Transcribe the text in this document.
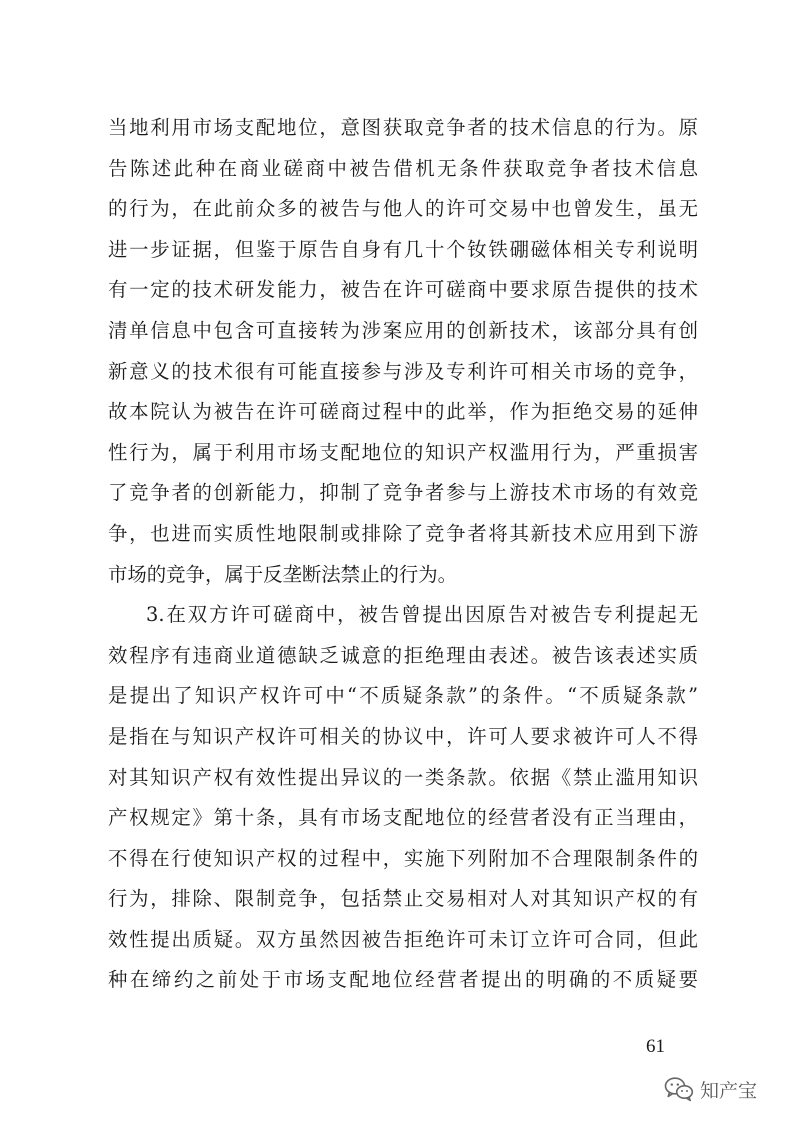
当地利用市场支配地位，意图获取竞争者的技术信息的行为。原
告陈述此种在商业磋商中被告借机无条件获取竞争者技术信息
的行为，在此前众多的被告与他人的许可交易中也曾发生，虽无
进一步证据，但鉴于原告自身有几十个钕铁硼磁体相关专利说明
有一定的技术研发能力，被告在许可磋商中要求原告提供的技术
清单信息中包含可直接转为涉案应用的创新技术，该部分具有创
新意义的技术很有可能直接参与涉及专利许可相关市场的竞争，
故本院认为被告在许可磋商过程中的此举，作为拒绝交易的延伸
性行为，属于利用市场支配地位的知识产权滥用行为，严重损害
了竞争者的创新能力，抑制了竞争者参与上游技术市场的有效竞
争，也进而实质性地限制或排除了竞争者将其新技术应用到下游
市场的竞争，属于反垄断法禁止的行为。
3.在双方许可磋商中，被告曾提出因原告对被告专利提起无
效程序有违商业道德缺乏诚意的拒绝理由表述。被告该表述实质
是提出了知识产权许可中“不质疑条款”的条件。“不质疑条款”
是指在与知识产权许可相关的协议中，许可人要求被许可人不得
对其知识产权有效性提出异议的一类条款。依据《禁止滥用知识
产权规定》第十条，具有市场支配地位的经营者没有正当理由，
不得在行使知识产权的过程中，实施下列附加不合理限制条件的
行为，排除、限制竞争，包括禁止交易相对人对其知识产权的有
效性提出质疑。双方虽然因被告拒绝许可未订立许可合同，但此
种在缔约之前处于市场支配地位经营者提出的明确的不质疑要
61
知产宝
